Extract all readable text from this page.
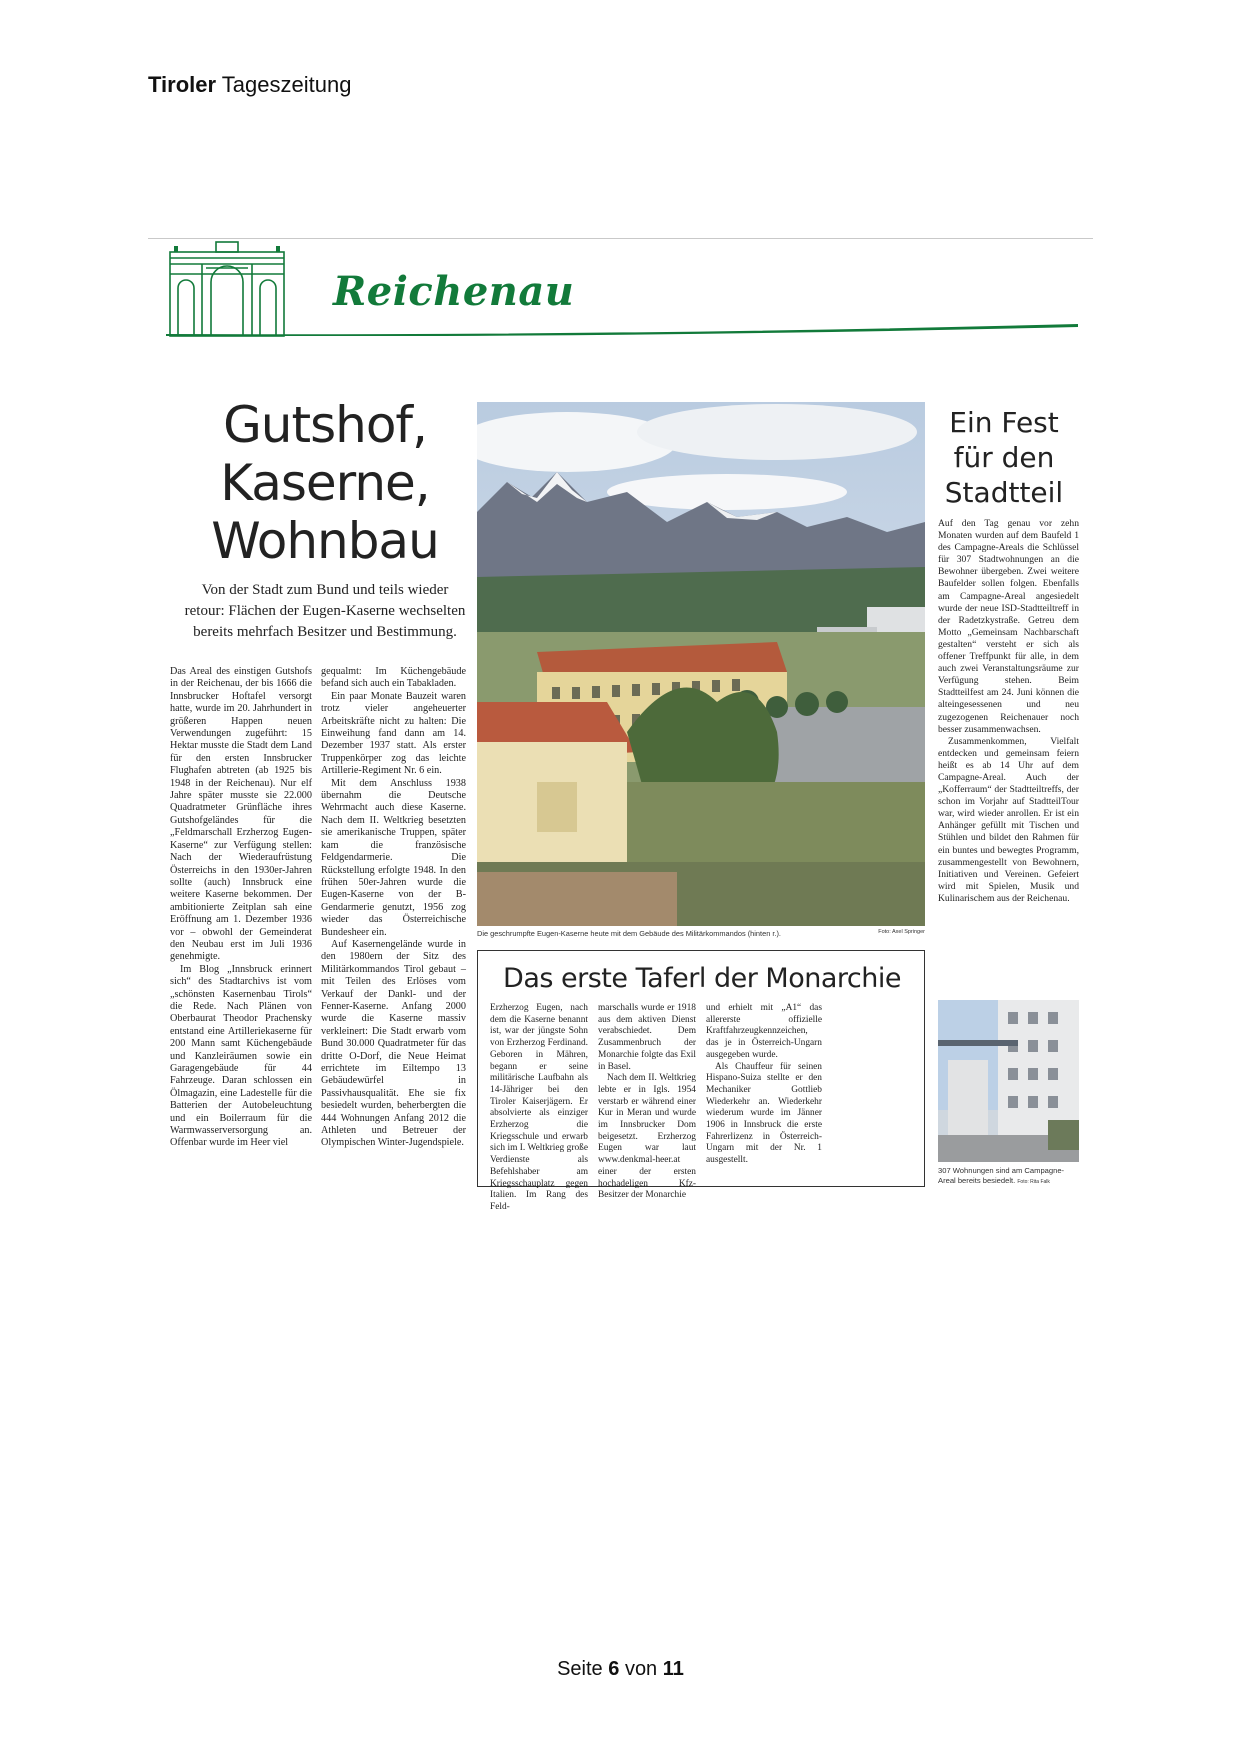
Tiroler Tageszeitung
Reichenau
Gutshof,
Kaserne,
Wohnbau
Von der Stadt zum Bund und teils wieder retour: Flächen der Eugen-Kaserne wechselten bereits mehrfach Besitzer und Bestimmung.

Das Areal des einstigen Gutshofs in der Reichenau, der bis 1666 die Innsbrucker Hoftafel versorgt hatte, wurde im 20. Jahrhundert in größeren Happen neuen Verwendungen zugeführt: 15 Hektar musste die Stadt dem Land für den ersten Innsbrucker Flughafen abtreten (ab 1925 bis 1948 in der Reichenau). Nur elf Jahre später musste sie 22.000 Quadratmeter Grünfläche ihres Gutshofgeländes für die „Feldmarschall Erzherzog Eugen-Kaserne“ zur Verfügung stellen: Nach der Wiederaufrüstung Österreichs in den 1930er-Jahren sollte (auch) Innsbruck eine weitere Kaserne bekommen. Der ambitionierte Zeitplan sah eine Eröffnung am 1. Dezember 1936 vor – obwohl der Gemeinderat den Neubau erst im Juli 1936 genehmigte.

Im Blog „Innsbruck erinnert sich“ des Stadtarchivs ist vom „schönsten Kasernenbau Tirols“ die Rede. Nach Plänen von Oberbaurat Theodor Prachensky entstand eine Artilleriekaserne für 200 Mann samt Küchengebäude und Kanzleiräumen sowie ein Garagengebäude für 44 Fahrzeuge. Daran schlossen ein Ölmagazin, eine Ladestelle für die Batterien der Autobeleuchtung und ein Boilerraum für die Warmwasserversorgung an. Offenbar wurde im Heer viel

gequalmt: Im Küchengebäude befand sich auch ein Tabakladen.

Ein paar Monate Bauzeit waren trotz vieler angeheuerter Arbeitskräfte nicht zu halten: Die Einweihung fand dann am 14. Dezember 1937 statt. Als erster Truppenkörper zog das leichte Artillerie-Regiment Nr. 6 ein.

Mit dem Anschluss 1938 übernahm die Deutsche Wehrmacht auch diese Kaserne. Nach dem II. Weltkrieg besetzten sie amerikanische Truppen, später kam die französische Feldgendarmerie. Die Rückstellung erfolgte 1948. In den frühen 50er-Jahren wurde die Eugen-Kaserne von der B-Gendarmerie genutzt, 1956 zog wieder das Österreichische Bundesheer ein.

Auf Kasernengelände wurde in den 1980ern der Sitz des Militärkommandos Tirol gebaut – mit Teilen des Erlöses vom Verkauf der Dankl- und der Fenner-Kaserne. Anfang 2000 wurde die Kaserne massiv verkleinert: Die Stadt erwarb vom Bund 30.000 Quadratmeter für das dritte O-Dorf, die Neue Heimat errichtete im Eiltempo 13 Gebäudewürfel in Passivhausqualität. Ehe sie fix besiedelt wurden, beherbergten die 444 Wohnungen Anfang 2012 die Athleten und Betreuer der Olympischen Winter-Jugendspiele.

Die geschrumpfte Eugen-Kaserne heute mit dem Gebäude des Militärkommandos (hinten r.).	Foto: Axel Springer
Das erste Taferl der Monarchie

Erzherzog Eugen, nach dem die Kaserne benannt ist, war der jüngste Sohn von Erzherzog Ferdinand. Geboren in Mähren, begann er seine militärische Laufbahn als 14-Jähriger bei den Tiroler Kaiserjägern. Er absolvierte als einziger Erzherzog die Kriegsschule und erwarb sich im I. Weltkrieg große Verdienste als Befehlshaber am Kriegsschauplatz gegen Italien. Im Rang des Feld-

marschalls wurde er 1918 aus dem aktiven Dienst verabschiedet. Dem Zusammenbruch der Monarchie folgte das Exil in Basel.

Nach dem II. Weltkrieg lebte er in Igls. 1954 verstarb er während einer Kur in Meran und wurde im Innsbrucker Dom beigesetzt. Erzherzog Eugen war laut www.denkmal-heer.at einer der ersten hochadeligen Kfz-Besitzer der Monarchie

und erhielt mit „A1“ das allererste offizielle Kraftfahrzeugkennzeichen, das je in Österreich-Ungarn ausgegeben wurde.

Als Chauffeur für seinen Hispano-Suiza stellte er den Mechaniker Gottlieb Wiederkehr an. Wiederkehr wiederum wurde im Jänner 1906 in Innsbruck die erste Fahrerlizenz in Österreich-Ungarn mit der Nr. 1 ausgestellt.

Ein Fest
für den
Stadtteil

Auf den Tag genau vor zehn Monaten wurden auf dem Baufeld 1 des Campagne-Areals die Schlüssel für 307 Stadtwohnungen an die Bewohner übergeben. Zwei weitere Baufelder sollen folgen. Ebenfalls am Campagne-Areal angesiedelt wurde der neue ISD-Stadtteiltreff in der Radetzkystraße. Getreu dem Motto „Gemeinsam Nachbarschaft gestalten“ versteht er sich als offener Treffpunkt für alle, in dem auch zwei Veranstaltungsräume zur Verfügung stehen. Beim Stadtteilfest am 24. Juni können die alteingesessenen und neu zugezogenen Reichenauer noch besser zusammenwachsen.

Zusammenkommen, Vielfalt entdecken und gemeinsam feiern heißt es ab 14 Uhr auf dem Campagne-Areal. Auch der „Kofferraum“ der Stadtteiltreffs, der schon im Vorjahr auf StadtteilTour war, wird wieder anrollen. Er ist ein Anhänger gefüllt mit Tischen und Stühlen und bildet den Rahmen für ein buntes und bewegtes Programm, zusammengestellt von Bewohnern, Initiativen und Vereinen. Gefeiert wird mit Spielen, Musik und Kulinarischem aus der Reichenau.

307 Wohnungen sind am Campagne-Areal bereits besiedelt. Foto: Rita Falk
Seite 6 von 11
